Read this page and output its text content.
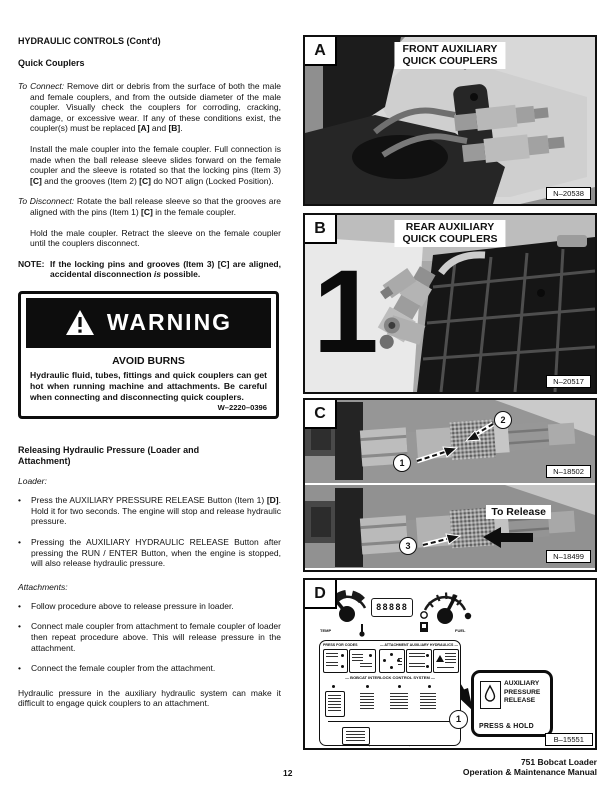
HYDRAULIC CONTROLS (Cont'd)
Quick Couplers

To Connect: Remove dirt or debris from the surface of both the male and female couplers, and from the outside diameter of the male coupler. Visually check the couplers for corroding, cracking, damage, or excessive wear. If any of these conditions exist, the coupler(s) must be replaced [A] and [B].

Install the male coupler into the female coupler. Full connection is made when the ball release sleeve slides forward on the female coupler and the sleeve is rotated so that the locking pins (Item 3) [C] and the grooves (Item 2) [C] do NOT align (Locked Position).

To Disconnect: Rotate the ball release sleeve so that the grooves are aligned with the pins (Item 1) [C] in the female coupler.

Hold the male coupler. Retract the sleeve on the female coupler until the couplers disconnect.

NOTE: If the locking pins and grooves (Item 3) [C] are aligned, accidental disconnection is possible.

WARNING
AVOID BURNS

Hydraulic fluid, tubes, fittings and quick couplers can get hot when running machine and attachments. Be careful when connecting and disconnecting quick couplers.

W–2220–0396
Releasing Hydraulic Pressure (Loader and
Attachment)
Loader:
•	Press the AUXILIARY PRESSURE RELEASE Button (Item 1) [D]. Hold it for two seconds. The engine will stop and release hydraulic pressure.

•	Pressing the AUXILIARY HYDRAULIC RELEASE Button after pressing the RUN / ENTER Button, when the engine is stopped, will also release hydraulic pressure.

Attachments:
•	Follow procedure above to release pressure in loader.

•	Connect male coupler from attachment to female coupler of loader then repeat procedure above. This will release pressure in the attachment.

•	Connect the female coupler from the attachment.

Hydraulic pressure in the auxiliary hydraulic system can make it difficult to engage quick couplers to an attachment.

A	FRONT AUXILIARY
QUICK COUPLERS
N–20538
1
B	REAR AUXILIARY
QUICK COUPLERS
N–20517
1
2
N–18502
3
To Release
N–18499
C
TEMP	FUEL
88888
PRESS FOR CODES	— ATTACHMENT AUXILIARY HYDRAULICS —
— BOBCAT INTERLOCK CONTROL SYSTEM —
1
AUXILIARY
PRESSURE
RELEASE
PRESS & HOLD
D
B–15551
12
751 Bobcat Loader
Operation & Maintenance Manual
